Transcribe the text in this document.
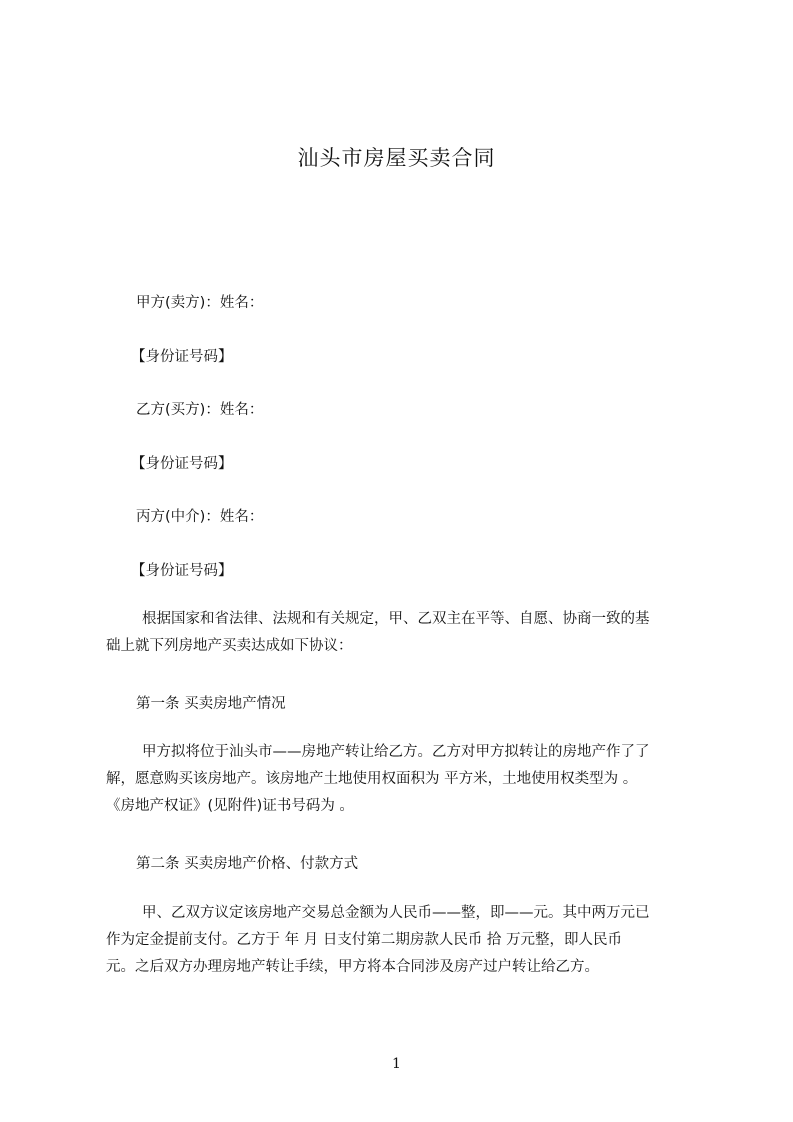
汕头市房屋买卖合同
甲方(卖方)：姓名：
【身份证号码】
乙方(买方)：姓名：
【身份证号码】
丙方(中介)：姓名：
【身份证号码】
根据国家和省法律、法规和有关规定，甲、乙双主在平等、自愿、协商一致的基
础上就下列房地产买卖达成如下协议：
第一条 买卖房地产情况
甲方拟将位于汕头市——房地产转让给乙方。乙方对甲方拟转让的房地产作了了
解，愿意购买该房地产。该房地产土地使用权面积为 平方米，土地使用权类型为 。
《房地产权证》(见附件)证书号码为 。
第二条 买卖房地产价格、付款方式
甲、乙双方议定该房地产交易总金额为人民币——整，即——元。其中两万元已
作为定金提前支付。乙方于 年 月 日支付第二期房款人民币 拾 万元整，即人民币
元。之后双方办理房地产转让手续，甲方将本合同涉及房产过户转让给乙方。
1
